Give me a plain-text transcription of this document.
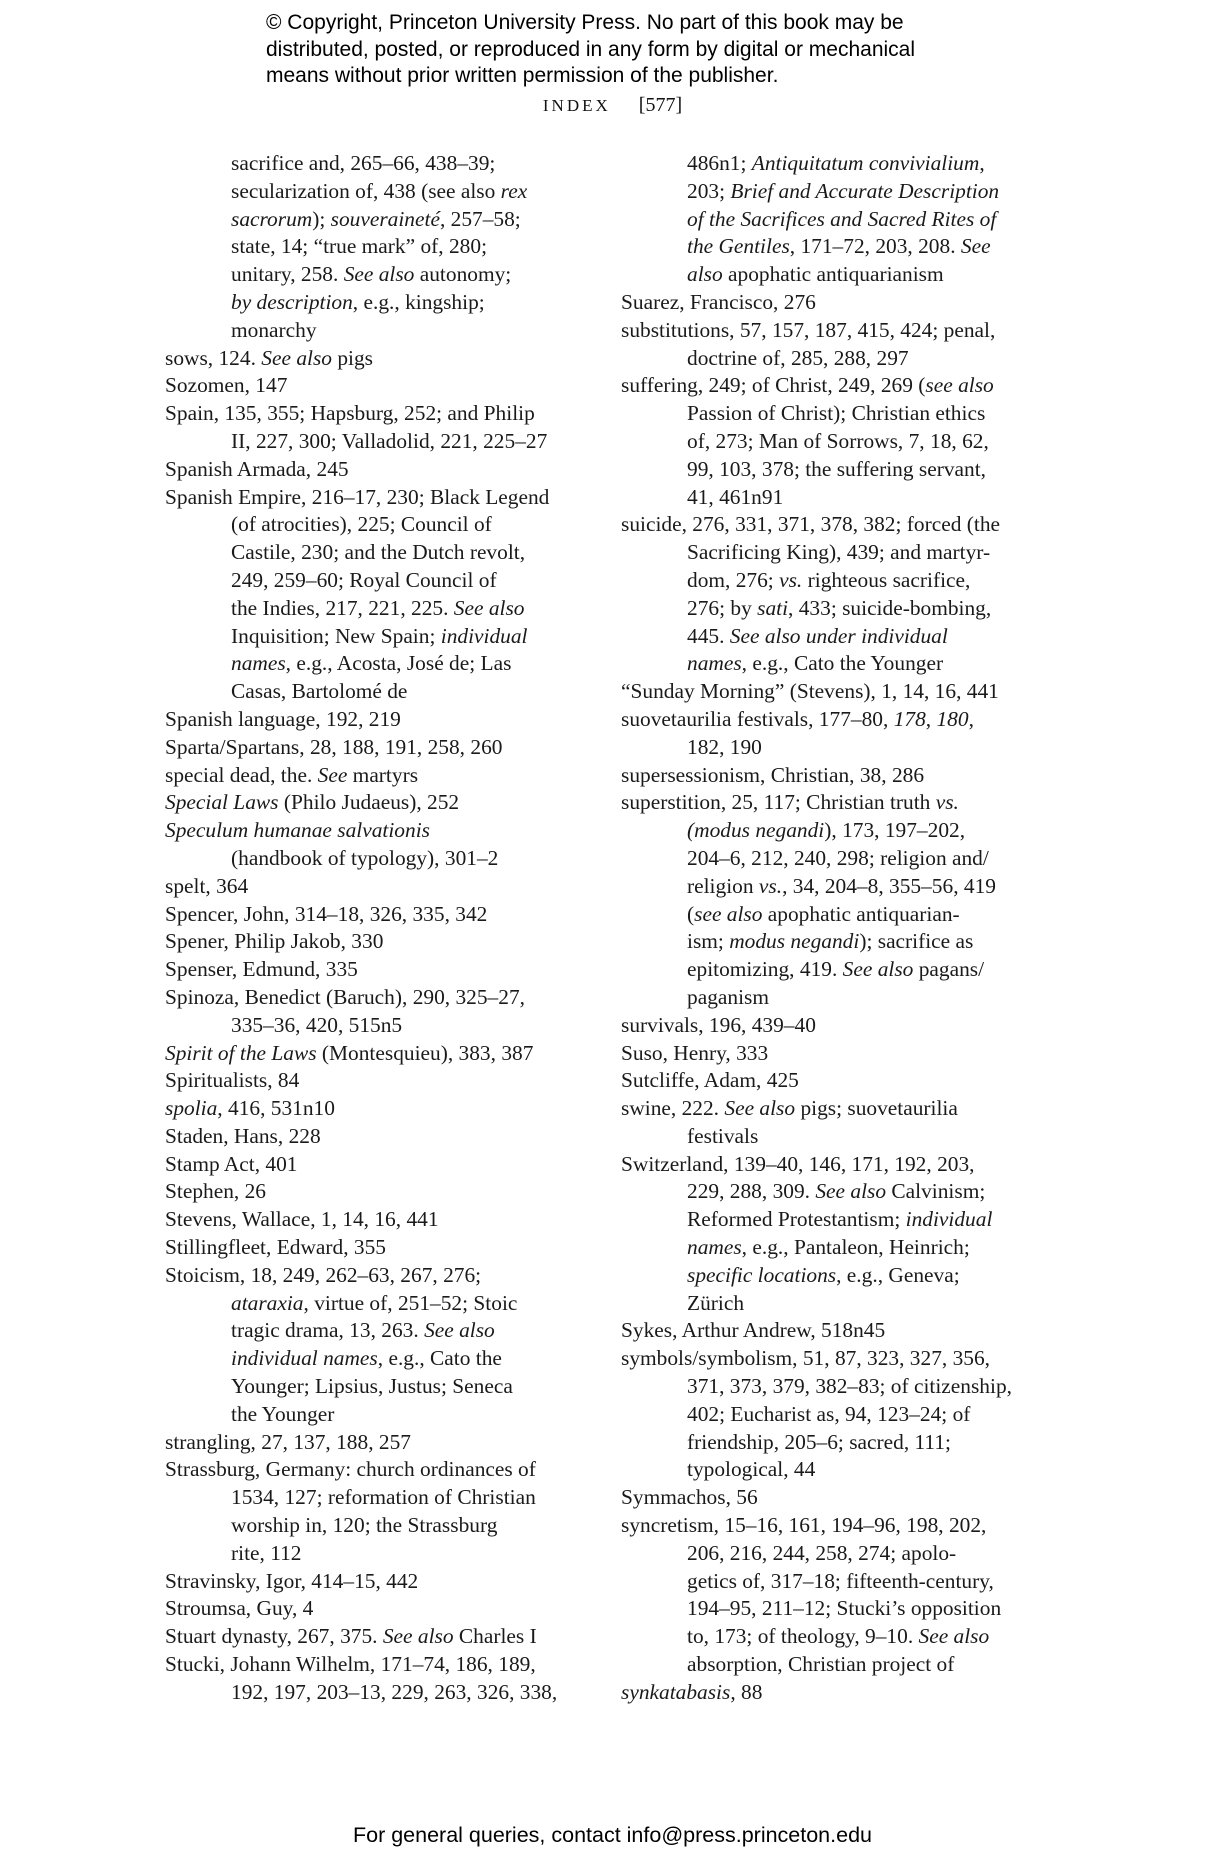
© Copyright, Princeton University Press. No part of this book may be
distributed, posted, or reproduced in any form by digital or mechanical
means without prior written permission of the publisher.
INDEX [577]
sacrifice and, 265–66, 438–39;
secularization of, 438 (see also rex
sacrorum); souveraineté, 257–58;
state, 14; “true mark” of, 280;
unitary, 258. See also autonomy;
by description, e.g., kingship;
monarchy
sows, 124. See also pigs
Sozomen, 147
Spain, 135, 355; Hapsburg, 252; and Philip
II, 227, 300; Valladolid, 221, 225–27
Spanish Armada, 245
Spanish Empire, 216–17, 230; Black Legend
(of atrocities), 225; Council of
Castile, 230; and the Dutch revolt,
249, 259–60; Royal Council of
the Indies, 217, 221, 225. See also
Inquisition; New Spain; individual
names, e.g., Acosta, José de; Las
Casas, Bartolomé de
Spanish language, 192, 219
Sparta/Spartans, 28, 188, 191, 258, 260
special dead, the. See martyrs
Special Laws (Philo Judaeus), 252
Speculum humanae salvationis
(handbook of typology), 301–2
spelt, 364
Spencer, John, 314–18, 326, 335, 342
Spener, Philip Jakob, 330
Spenser, Edmund, 335
Spinoza, Benedict (Baruch), 290, 325–27,
335–36, 420, 515n5
Spirit of the Laws (Montesquieu), 383, 387
Spiritualists, 84
spolia, 416, 531n10
Staden, Hans, 228
Stamp Act, 401
Stephen, 26
Stevens, Wallace, 1, 14, 16, 441
Stillingfleet, Edward, 355
Stoicism, 18, 249, 262–63, 267, 276;
ataraxia, virtue of, 251–52; Stoic
tragic drama, 13, 263. See also
individual names, e.g., Cato the
Younger; Lipsius, Justus; Seneca
the Younger
strangling, 27, 137, 188, 257
Strassburg, Germany: church ordinances of
1534, 127; reformation of Christian
worship in, 120; the Strassburg
rite, 112
Stravinsky, Igor, 414–15, 442
Stroumsa, Guy, 4
Stuart dynasty, 267, 375. See also Charles I
Stucki, Johann Wilhelm, 171–74, 186, 189,
192, 197, 203–13, 229, 263, 326, 338,
486n1; Antiquitatum convivialium,
203; Brief and Accurate Description
of the Sacrifices and Sacred Rites of
the Gentiles, 171–72, 203, 208. See
also apophatic antiquarianism
Suarez, Francisco, 276
substitutions, 57, 157, 187, 415, 424; penal,
doctrine of, 285, 288, 297
suffering, 249; of Christ, 249, 269 (see also
Passion of Christ); Christian ethics
of, 273; Man of Sorrows, 7, 18, 62,
99, 103, 378; the suffering servant,
41, 461n91
suicide, 276, 331, 371, 378, 382; forced (the
Sacrificing King), 439; and martyr-
dom, 276; vs. righteous sacrifice,
276; by sati, 433; suicide-bombing,
445. See also under individual
names, e.g., Cato the Younger
“Sunday Morning” (Stevens), 1, 14, 16, 441
suovetaurilia festivals, 177–80, 178, 180,
182, 190
supersessionism, Christian, 38, 286
superstition, 25, 117; Christian truth vs.
(modus negandi), 173, 197–202,
204–6, 212, 240, 298; religion and/
religion vs., 34, 204–8, 355–56, 419
(see also apophatic antiquarian-
ism; modus negandi); sacrifice as
epitomizing, 419. See also pagans/
paganism
survivals, 196, 439–40
Suso, Henry, 333
Sutcliffe, Adam, 425
swine, 222. See also pigs; suovetaurilia
festivals
Switzerland, 139–40, 146, 171, 192, 203,
229, 288, 309. See also Calvinism;
Reformed Protestantism; individual
names, e.g., Pantaleon, Heinrich;
specific locations, e.g., Geneva;
Zürich
Sykes, Arthur Andrew, 518n45
symbols/symbolism, 51, 87, 323, 327, 356,
371, 373, 379, 382–83; of citizenship,
402; Eucharist as, 94, 123–24; of
friendship, 205–6; sacred, 111;
typological, 44
Symmachos, 56
syncretism, 15–16, 161, 194–96, 198, 202,
206, 216, 244, 258, 274; apolo-
getics of, 317–18; fifteenth-century,
194–95, 211–12; Stucki’s opposition
to, 173; of theology, 9–10. See also
absorption, Christian project of
synkatabasis, 88
For general queries, contact info@press.princeton.edu
